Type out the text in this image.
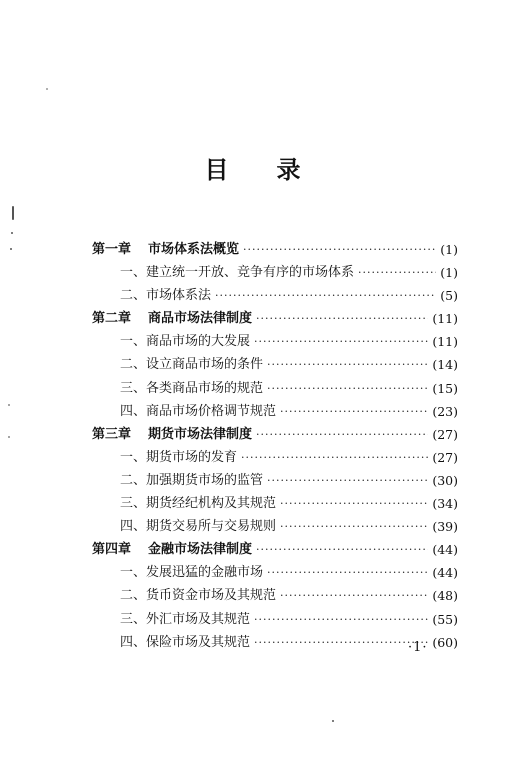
目 录
第一章	市场体系法概览 ·····	(1)
一、建立统一开放、竞争有序的市场体系 ·····	(1)
二、市场体系法 ·····	(5)
第二章	商品市场法律制度 ·····	(11)
一、商品市场的大发展 ·····	(11)
二、设立商品市场的条件 ·····	(14)
三、各类商品市场的规范 ·····	(15)
四、商品市场价格调节规范 ·····	(23)
第三章	期货市场法律制度 ·····	(27)
一、期货市场的发育 ·····	(27)
二、加强期货市场的监管 ·····	(30)
三、期货经纪机构及其规范 ·····	(34)
四、期货交易所与交易规则 ·····	(39)
第四章	金融市场法律制度 ·····	(44)
一、发展迅猛的金融市场 ·····	(44)
二、货币资金市场及其规范 ·····	(48)
三、外汇市场及其规范 ·····	(55)
四、保险市场及其规范 ·····	(60)
·1·
